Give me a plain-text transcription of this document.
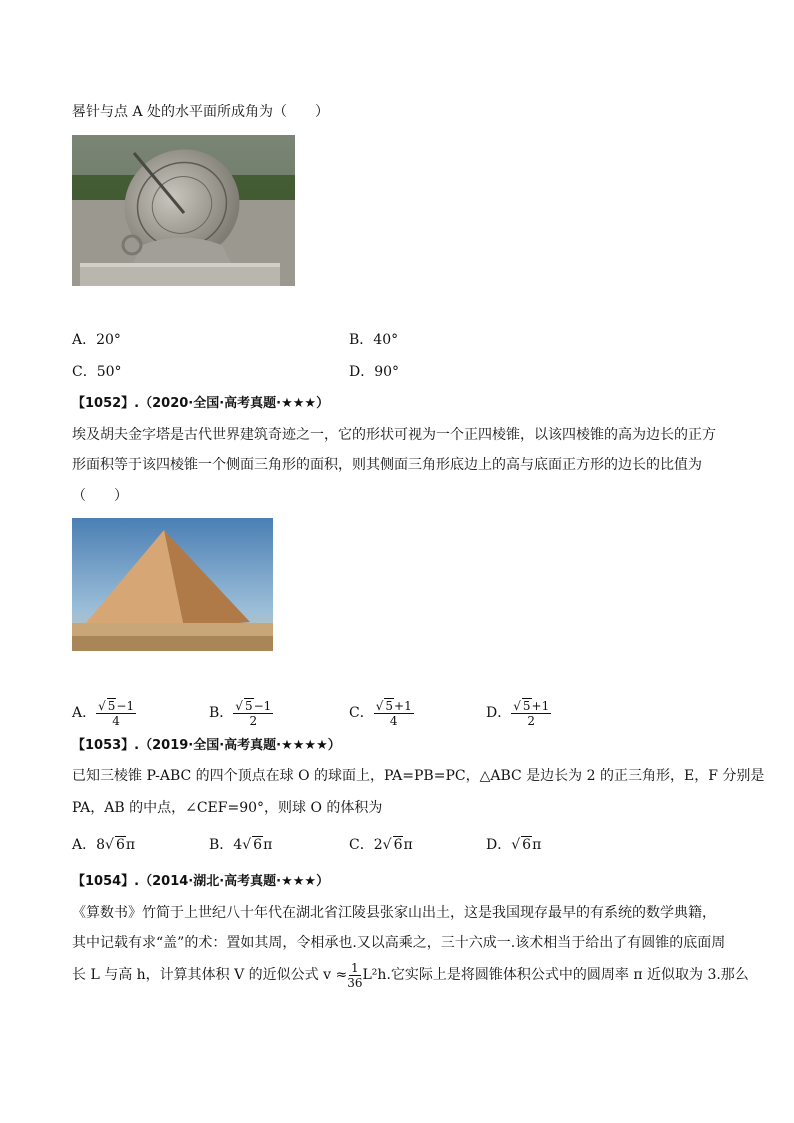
晷针与点 A 处的水平面所成角为（　　）
A．20°	B．40°
C．50°	D．90°
【1052】.（2020·全国·高考真题·★★★）
埃及胡夫金字塔是古代世界建筑奇迹之一，它的形状可视为一个正四棱锥，以该四棱锥的高为边长的正方
形面积等于该四棱锥一个侧面三角形的面积，则其侧面三角形底边上的高与底面正方形的边长的比值为
（　　）
A． $\frac{√ 5-1}{4}$	B． $\frac{√ 5-1}{2}$	C． $\frac{√ 5+1}{4}$	D． $\frac{√ 5+1}{2}$
【1053】.（2019·全国·高考真题·★★★★）
已知三棱锥 P-ABC 的四个顶点在球 O 的球面上，PA=PB=PC，△ABC 是边长为 2 的正三角形，E，F 分别是
PA，AB 的中点，∠CEF=90°，则球 O 的体积为
A．8√ 6π	B．4√ 6π	C．2√ 6π	D．√ 6π
【1054】.（2014·湖北·高考真题·★★★）
《算数书》竹简于上世纪八十年代在湖北省江陵县张家山出土，这是我国现存最早的有系统的数学典籍，
其中记载有求“盖”的术：置如其周，令相承也.又以高乘之，三十六成一.该术相当于给出了有圆锥的底面周
长 L 与高 h，计算其体积 V 的近似公式 $v \approx \frac{1}{36} L^2h$ .它实际上是将圆锥体积公式中的圆周率 π 近似取为 3.那么
